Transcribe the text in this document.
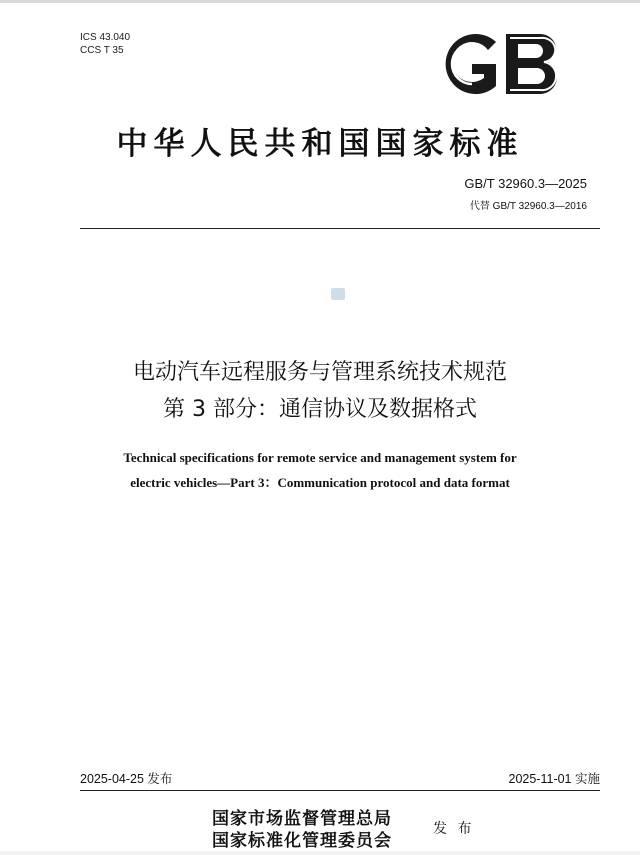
ICS 43.040
CCS T 35
中华人民共和国国家标准
GB/T 32960.3—2025
代替 GB/T 32960.3—2016
电动汽车远程服务与管理系统技术规范
第 3 部分：通信协议及数据格式
Technical specifications for remote service and management system for
electric vehicles—Part 3：Communication protocol and data format
2025-04-25 发布	2025-11-01 实施
国家市场监督管理总局
国家标准化管理委员会
发 布
